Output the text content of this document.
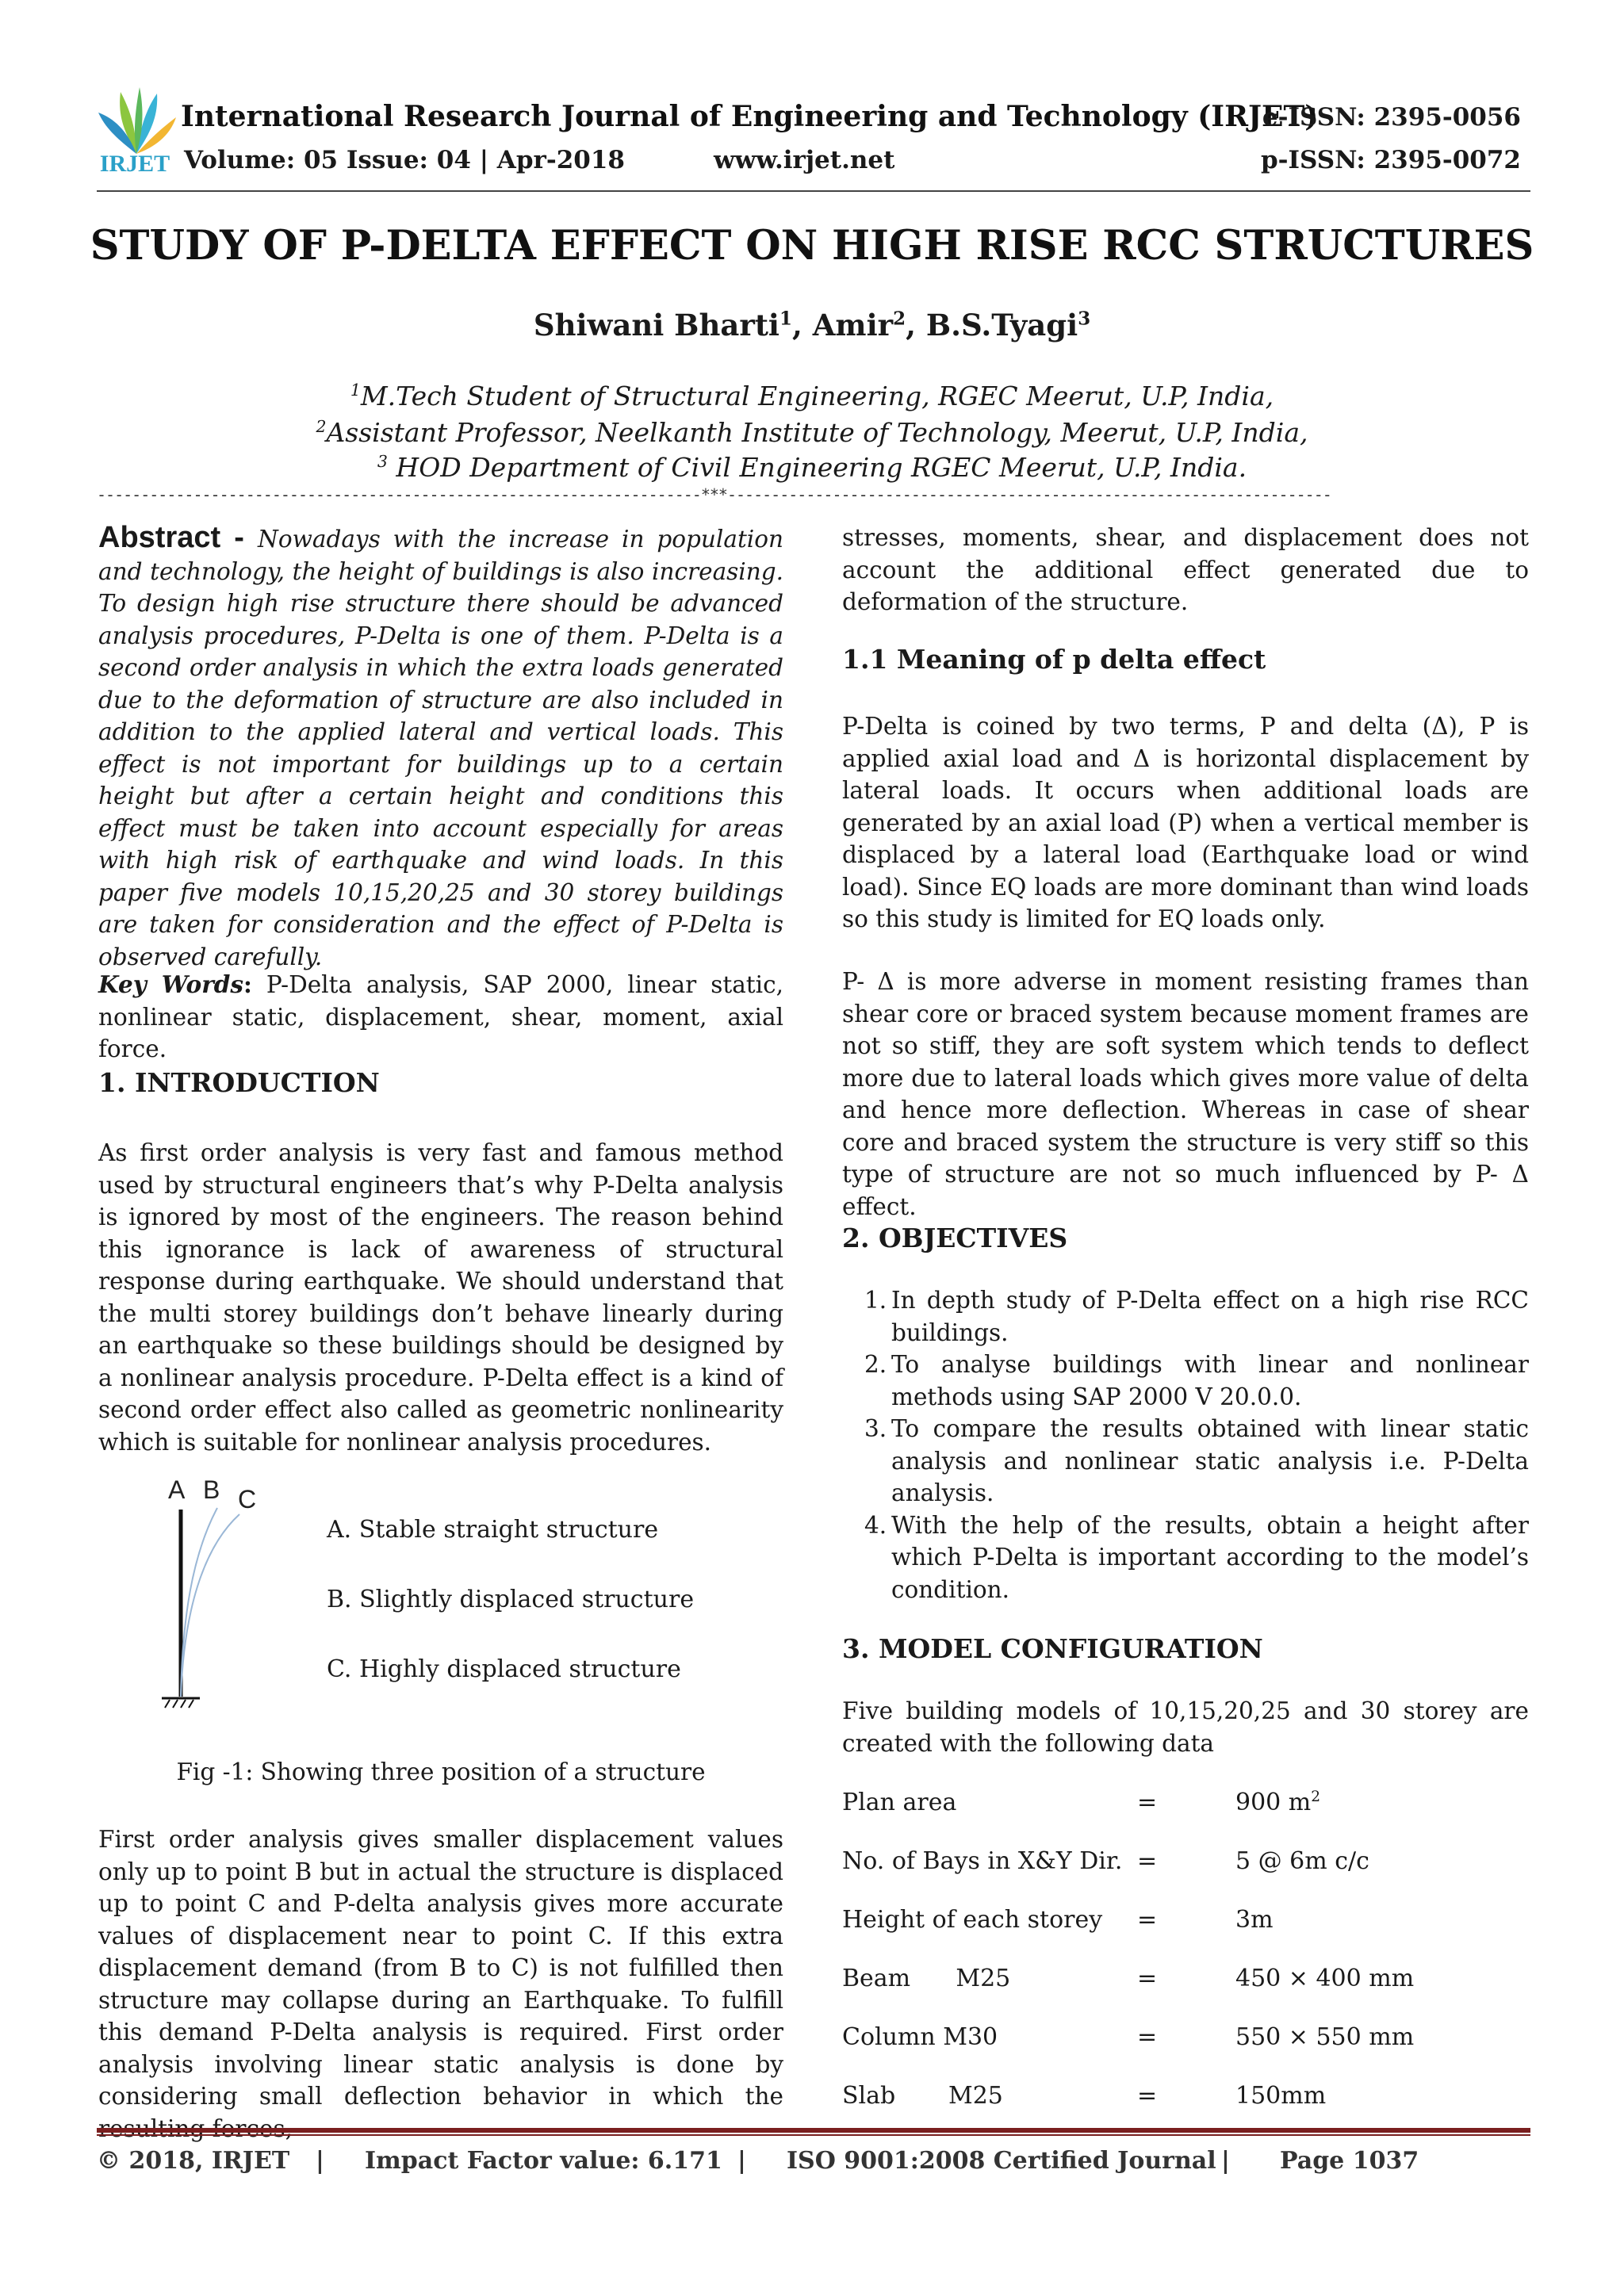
IRJET
International Research Journal of Engineering and Technology (IRJET)
e-ISSN: 2395-0056
Volume: 05 Issue: 04 | Apr-2018	www.irjet.net	p-ISSN: 2395-0072
STUDY OF P-DELTA EFFECT ON HIGH RISE RCC STRUCTURES
Shiwani Bharti$^1$, Amir$^2$, B.S.Tyagi$^3$
$^1$M.Tech Student of Structural Engineering, RGEC Meerut, U.P, India,
$^2$Assistant Professor, Neelkanth Institute of Technology, Meerut, U.P, India,
$^3$ HOD Department of Civil Engineering RGEC Meerut, U.P, India.
---------------------------------------------------------------------***---------------------------------------------------------------------
Abstract - Nowadays with the increase in population and technology, the height of buildings is also increasing. To design high rise structure there should be advanced analysis procedures, P-Delta is one of them. P-Delta is a second order analysis in which the extra loads generated due to the deformation of structure are also included in addition to the applied lateral and vertical loads. This effect is not important for buildings up to a certain height but after a certain height and conditions this effect must be taken into account especially for areas with high risk of earthquake and wind loads. In this paper five models 10,15,20,25 and 30 storey buildings are taken for consideration and the effect of P-Delta is observed carefully.
Key Words: P-Delta analysis, SAP 2000, linear static, nonlinear static, displacement, shear, moment, axial force.
1. INTRODUCTION
As first order analysis is very fast and famous method used by structural engineers that’s why P-Delta analysis is ignored by most of the engineers. The reason behind this ignorance is lack of awareness of structural response during earthquake. We should understand that the multi storey buildings don’t behave linearly during an earthquake so these buildings should be designed by a nonlinear analysis procedure. P-Delta effect is a kind of second order effect also called as geometric nonlinearity which is suitable for nonlinear analysis procedures.
A B C
A. Stable straight structure
B. Slightly displaced structure
C. Highly displaced structure
Fig -1: Showing three position of a structure
First order analysis gives smaller displacement values only up to point B but in actual the structure is displaced up to point C and P-delta analysis gives more accurate values of displacement near to point C. If this extra displacement demand (from B to C) is not fulfilled then structure may collapse during an Earthquake. To fulfill this demand P-Delta analysis is required. First order analysis involving linear static analysis is done by considering small deflection behavior in which the
stresses, moments, shear, and displacement does not account the additional effect generated due to deformation of the structure.
1.1 Meaning of p delta effect
P-Delta is coined by two terms, P and delta (Δ), P is applied axial load and Δ is horizontal displacement by lateral loads. It occurs when additional loads are generated by an axial load (P) when a vertical member is displaced by a lateral load (Earthquake load or wind load). Since EQ loads are more dominant than wind loads so this study is limited for EQ loads only.
P- Δ is more adverse in moment resisting frames than shear core or braced system because moment frames are not so stiff, they are soft system which tends to deflect more due to lateral loads which gives more value of delta and hence more deflection. Whereas in case of shear core and braced system the structure is very stiff so this type of structure are not so much influenced by P- Δ effect.
2. OBJECTIVES
1. In depth study of P-Delta effect on a high rise RCC buildings.
2. To analyse buildings with linear and nonlinear methods using SAP 2000 V 20.0.0.
3. To compare the results obtained with linear static analysis and nonlinear static analysis i.e. P-Delta analysis.
4. With the help of the results, obtain a height after which P-Delta is important according to the model’s condition.
3. MODEL CONFIGURATION
Five building models of 10,15,20,25 and 30 storey are created with the following data
Plan area	=	900 $m^2$
No. of Bays in X&Y Dir. =	5 @ 6m c/c
Height of each storey =	3m
Beam      M25	=	450 × 400 mm
Column M30	=	550 × 550 mm
Slab       M25	=	150mm
© 2018, IRJET | Impact Factor value: 6.171 | ISO 9001:2008 Certified Journal | Page 1037
